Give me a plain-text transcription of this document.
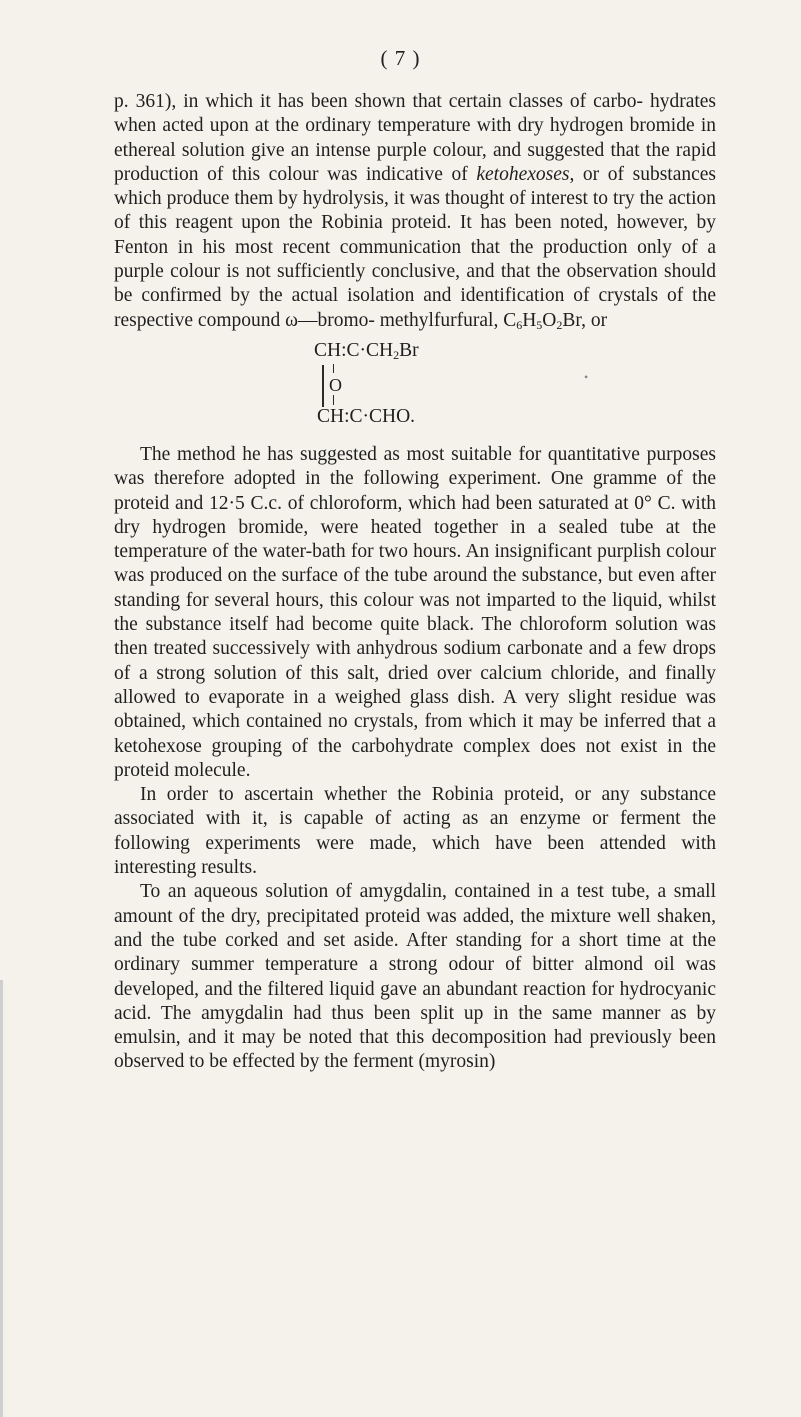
( 7 )

p. 361), in which it has been shown that certain classes of carbo- hydrates when acted upon at the ordinary temperature with dry hydrogen bromide in ethereal solution give an intense purple colour, and suggested that the rapid production of this colour was indicative of ketohexoses, or of substances which produce them by hydrolysis, it was thought of interest to try the action of this reagent upon the Robinia proteid. It has been noted, however, by Fenton in his most recent communication that the production only of a purple colour is not sufficiently conclusive, and that the observation should be confirmed by the actual isolation and identification of crystals of the respective compound ω—bromo- methylfurfural, $C_6H_5O_2Br$, or

•
$CH:C\cdot CH_2Br$
O
CH:C·CHO.

The method he has suggested as most suitable for quantitative purposes was therefore adopted in the following experiment. One gramme of the proteid and 12·5 C.c. of chloroform, which had been saturated at 0° C. with dry hydrogen bromide, were heated together in a sealed tube at the temperature of the water-bath for two hours. An insignificant purplish colour was produced on the surface of the tube around the substance, but even after standing for several hours, this colour was not imparted to the liquid, whilst the substance itself had become quite black. The chloroform solution was then treated successively with anhydrous sodium carbonate and a few drops of a strong solution of this salt, dried over calcium chloride, and finally allowed to evaporate in a weighed glass dish. A very slight residue was obtained, which contained no crystals, from which it may be inferred that a ketohexose grouping of the carbohydrate complex does not exist in the proteid molecule.

In order to ascertain whether the Robinia proteid, or any substance associated with it, is capable of acting as an enzyme or ferment the following experiments were made, which have been attended with interesting results.

To an aqueous solution of amygdalin, contained in a test tube, a small amount of the dry, precipitated proteid was added, the mixture well shaken, and the tube corked and set aside. After standing for a short time at the ordinary summer temperature a strong odour of bitter almond oil was developed, and the filtered liquid gave an abundant reaction for hydrocyanic acid. The amygdalin had thus been split up in the same manner as by emulsin, and it may be noted that this decomposition had previously been observed to be effected by the ferment (myrosin)
